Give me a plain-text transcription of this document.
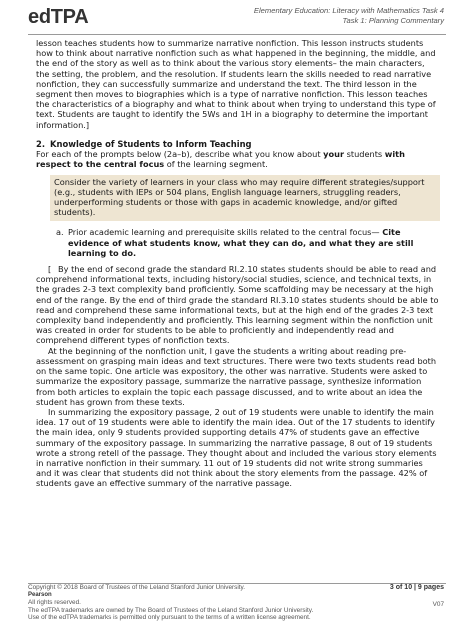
edTPA	Elementary Education: Literacy with Mathematics Task 4
Task 1: Planning Commentary

lesson teaches students how to summarize narrative nonfiction. This lesson instructs students how to think about narrative nonfiction such as what happened in the beginning, the middle, and the end of the story as well as to think about the various story elements– the main characters, the setting, the problem, and the resolution. If students learn the skills needed to read narrative nonfiction, they can successfully summarize and understand the text. The third lesson in the segment then moves to biographies which is a type of narrative nonfiction. This lesson teaches the characteristics of a biography and what to think about when trying to understand this type of text. Students are taught to identify the 5Ws and 1H in a biography to determine the important information.]

2. Knowledge of Students to Inform Teaching
For each of the prompts below (2a–b), describe what you know about your students with respect to the central focus of the learning segment.
Consider the variety of learners in your class who may require different strategies/support (e.g., students with IEPs or 504 plans, English language learners, struggling readers, underperforming students or those with gaps in academic knowledge, and/or gifted students).
a. Prior academic learning and prerequisite skills related to the central focus— Cite evidence of what students know, what they can do, and what they are still learning to do.

[ By the end of second grade the standard RI.2.10 states students should be able to read and comprehend informational texts, including history/social studies, science, and technical texts, in the grades 2-3 text complexity band proficiently. Some scaffolding may be necessary at the high end of the range. By the end of third grade the standard RI.3.10 states students should be able to read and comprehend these same informational texts, but at the high end of the grades 2-3 text complexity band independently and proficiently. This learning segment within the nonfiction unit was created in order for students to be able to proficiently and independently read and comprehend different types of nonfiction texts.

At the beginning of the nonfiction unit, I gave the students a writing about reading pre-assessment on grasping main ideas and text structures. There were two texts students read both on the same topic. One article was expository, the other was narrative. Students were asked to summarize the expository passage, summarize the narrative passage, synthesize information from both articles to explain the topic each passage discussed, and to write about an idea the student has grown from these texts.

In summarizing the expository passage, 2 out of 19 students were unable to identify the main idea. 17 out of 19 students were able to identify the main idea. Out of the 17 students to identify the main idea, only 9 students provided supporting details 47% of students gave an effective summary of the expository passage. In summarizing the narrative passage, 8 out of 19 students wrote a strong retell of the passage. They thought about and included the various story elements in narrative nonfiction in their summary. 11 out of 19 students did not write strong summaries and it was clear that students did not think about the story elements from the passage. 42% of students gave an effective summary of the narrative passage.

Copyright © 2018 Board of Trustees of the Leland Stanford Junior University.
Pearson
All rights reserved.
The edTPA trademarks are owned by The Board of Trustees of the Leland Stanford Junior University.
Use of the edTPA trademarks is permitted only pursuant to the terms of a written license agreement.
3 of 10 | 9 pages
V07
